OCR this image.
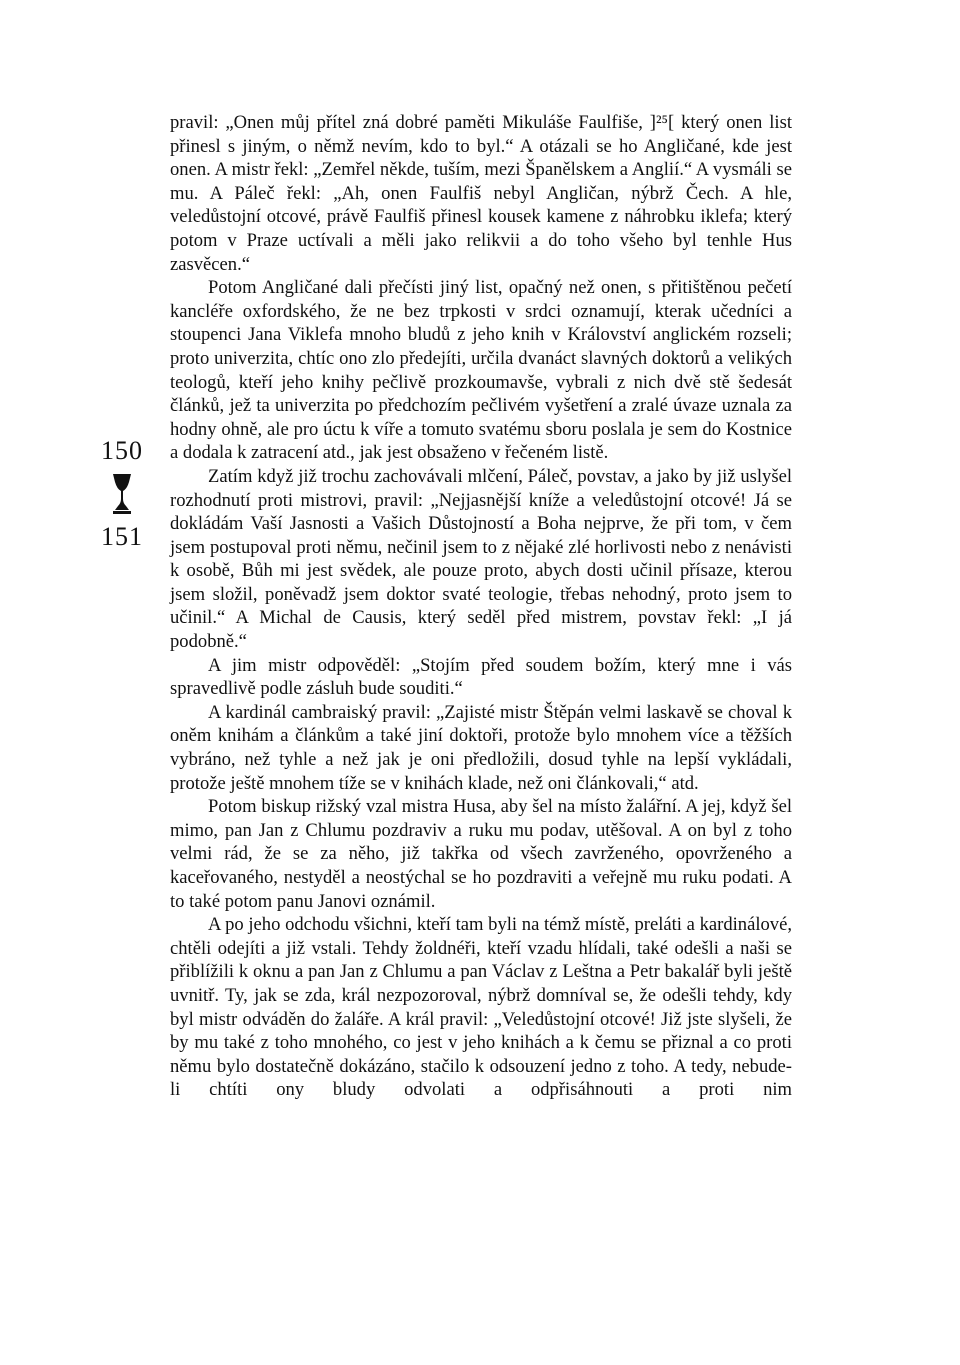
150
151

pravil: „Onen můj přítel zná dobré paměti Mikuláše Faulfiše, ]²⁵[ který onen list přinesl s jiným, o němž nevím, kdo to byl.“ A otázali se ho Angličané, kde jest onen. A mistr řekl: „Zemřel někde, tuším, mezi Španělskem a Anglií.“ A vysmáli se mu. A Páleč řekl: „Ah, onen Faulfiš nebyl Angličan, nýbrž Čech. A hle, veledůstojní otcové, právě Faulfiš přinesl kousek kamene z náhrobku iklefa; který potom v Praze uctívali a měli jako relikvii a do toho všeho byl tenhle Hus zasvěcen.“

Potom Angličané dali přečísti jiný list, opačný než onen, s přitištěnou pečetí kancléře oxfordského, že ne bez trpkosti v srdci oznamují, kterak učedníci a stoupenci Jana Viklefa mnoho bludů z jeho knih v Království anglickém rozseli; proto univerzita, chtíc ono zlo předejíti, určila dvanáct slavných doktorů a velikých teologů, kteří jeho knihy pečlivě prozkoumavše, vybrali z nich dvě stě šedesát článků, jež ta univerzita po předchozím pečlivém vyšetření a zralé úvaze uznala za hodny ohně, ale pro úctu k víře a tomuto svatému sboru poslala je sem do Kostnice a dodala k zatracení atd., jak jest obsaženo v řečeném listě.

Zatím když již trochu zachovávali mlčení, Páleč, povstav, a jako by již uslyšel rozhodnutí proti mistrovi, pravil: „Nejjasnější kníže a veledůstojní otcové! Já se dokládám Vaší Jasnosti a Vašich Důstojností a Boha nejprve, že při tom, v čem jsem postupoval proti němu, nečinil jsem to z nějaké zlé horlivosti nebo z nenávisti k osobě, Bůh mi jest svědek, ale pouze proto, abych dosti učinil přísaze, kterou jsem složil, poněvadž jsem doktor svaté teologie, třebas nehodný, proto jsem to učinil.“ A Michal de Causis, který seděl před mistrem, povstav řekl: „I já podobně.“

A jim mistr odpověděl: „Stojím před soudem božím, který mne i vás spravedlivě podle zásluh bude souditi.“

A kardinál cambraiský pravil: „Zajisté mistr Štěpán velmi laskavě se choval k oněm knihám a článkům a také jiní doktoři, protože bylo mnohem více a těžších vybráno, než tyhle a než jak je oni předložili, dosud tyhle na lepší vykládali, protože ještě mnohem tíže se v knihách klade, než oni článkovali,“ atd.

Potom biskup rižský vzal mistra Husa, aby šel na místo žalářní. A jej, když šel mimo, pan Jan z Chlumu pozdraviv a ruku mu podav, utěšoval. A on byl z toho velmi rád, že se za něho, již takřka od všech zavrženého, opovrženého a kaceřovaného, nestyděl a neostýchal se ho pozdraviti a veřejně mu ruku podati. A to také potom panu Janovi oznámil.

A po jeho odchodu všichni, kteří tam byli na témž místě, preláti a kardinálové, chtěli odejíti a již vstali. Tehdy žoldnéři, kteří vzadu hlídali, také odešli a naši se přiblížili k oknu a pan Jan z Chlumu a pan Václav z Leštna a Petr bakalář byli ještě uvnitř. Ty, jak se zda, král nezpozoroval, nýbrž domníval se, že odešli tehdy, kdy byl mistr odváděn do žaláře. A král pravil: „Veledůstojní otcové! Již jste slyšeli, že by mu také z toho mnohého, co jest v jeho knihách a k čemu se přiznal a co proti němu bylo dostatečně dokázáno, stačilo k odsouzení jedno z toho. A tedy, nebude-li chtíti ony bludy odvolati a odpřisáhnouti a proti nim
